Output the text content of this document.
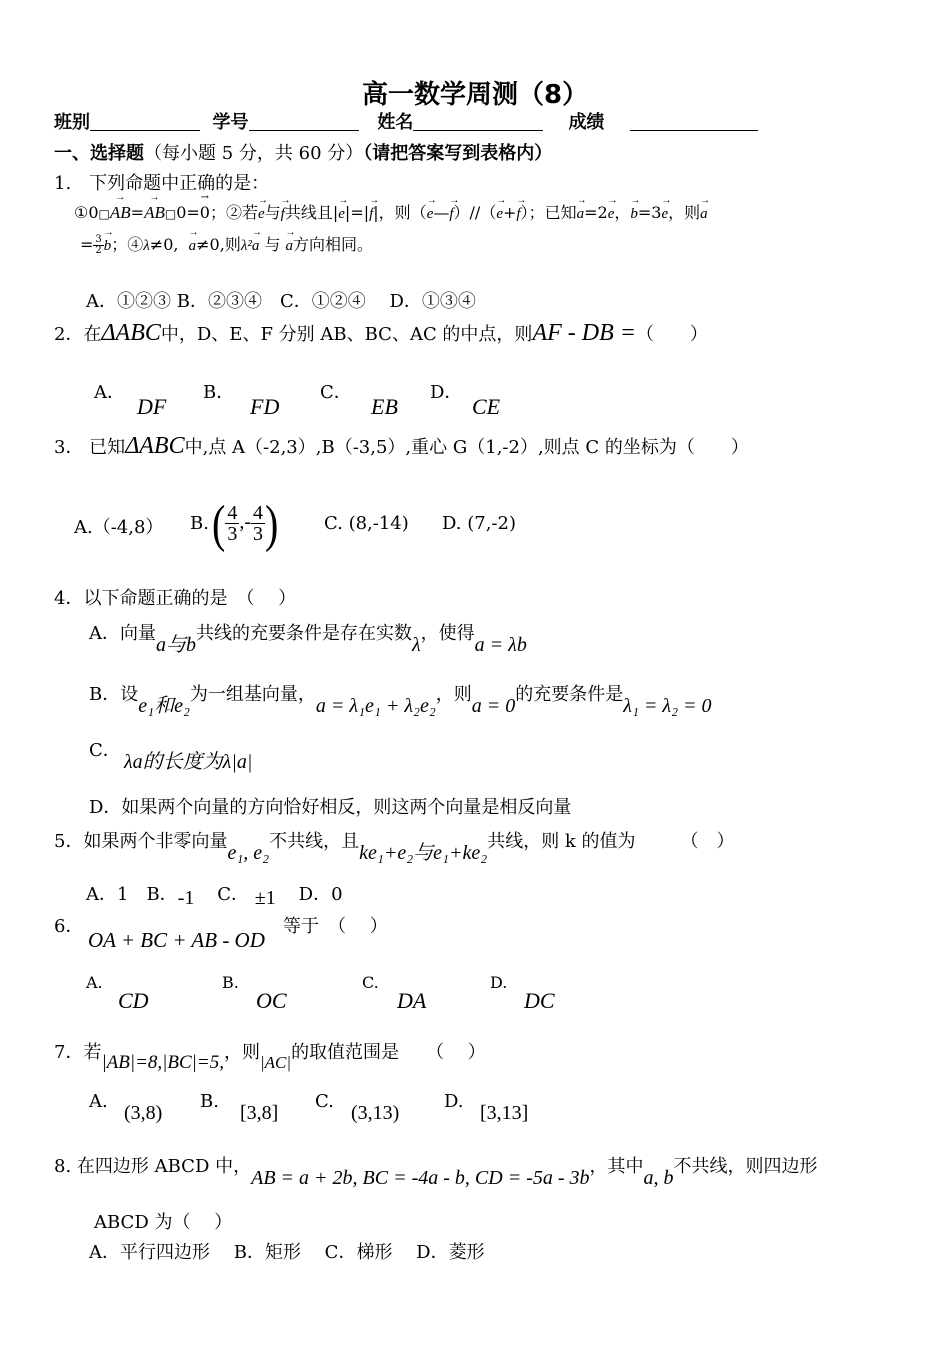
高一数学周测（8）
班别	学号	姓名	成绩
一、选择题（每小题 5 分，共 60 分）（请把答案写到表格内）
1.　下列命题中正确的是：
①0□→ AB=→ AB□0=→ 0；②若→ e与→ f共线且|→ e|=|→ f|，则（→ e—→ f）//（→ e+→ f）；已知→ a=2→ e，→ b=3→ e，则→ a
= $\frac{3}{2}$
→ b；④λ≠0,  → a≠0,则λ²→ a 与 → a方向相同。
A．①②③ B．②③④　C．①②④　 D．①③④
2．在ΔABC中，D、E、F 分别 AB、BC、AC 的中点，则AF - DB =（　　）
A．
DF
B．
FD
C．
EB
D．
CE
3． 已知ΔABC中,点 A（-2,3）,B（-3,5）,重心 G（1,-2）,则点 C 的坐标为（　　）
A.（-4,8） B. ( $\frac{4}{3}$ ,- $\frac{4}{3}$ )	C. (8,-14) D. (7,-2)
4．以下命题正确的是　（　 ）
A．向量a与b共线的充要条件是存在实数λ，使得a = λb
B．设e₁和e₂为一组基向量，a = λ₁e₁ + λ₂e₂，则a = 0的充要条件是λ₁ = λ₂ = 0
C．
λa的长度为λ|a|
D．如果两个向量的方向恰好相反，则这两个向量是相反向量
5．如果两个非零向量e₁, e₂不共线，且ke₁+e₂与e₁+ke₂共线，则 k 的值为　　　（　）
A．1　B．-1 C． ±1 D．0
6．
OA + BC + AB - OD
等于　（　 ）
A.
CD
B.
OC
C.
DA
D.
DC
7．若|AB|=8,|BC|=5,，则|AC|的取值范围是　　（　 ）
A.
(3,8)
B.
[3,8]
C.
(3,13)
D.
[3,13]
8. 在四边形 ABCD 中，AB = a + 2b, BC = -4a - b, CD = -5a - 3b，其中a, b不共线，则四边形
ABCD 为（　 ）
A．平行四边形　 B．矩形　 C．梯形　 D．菱形
